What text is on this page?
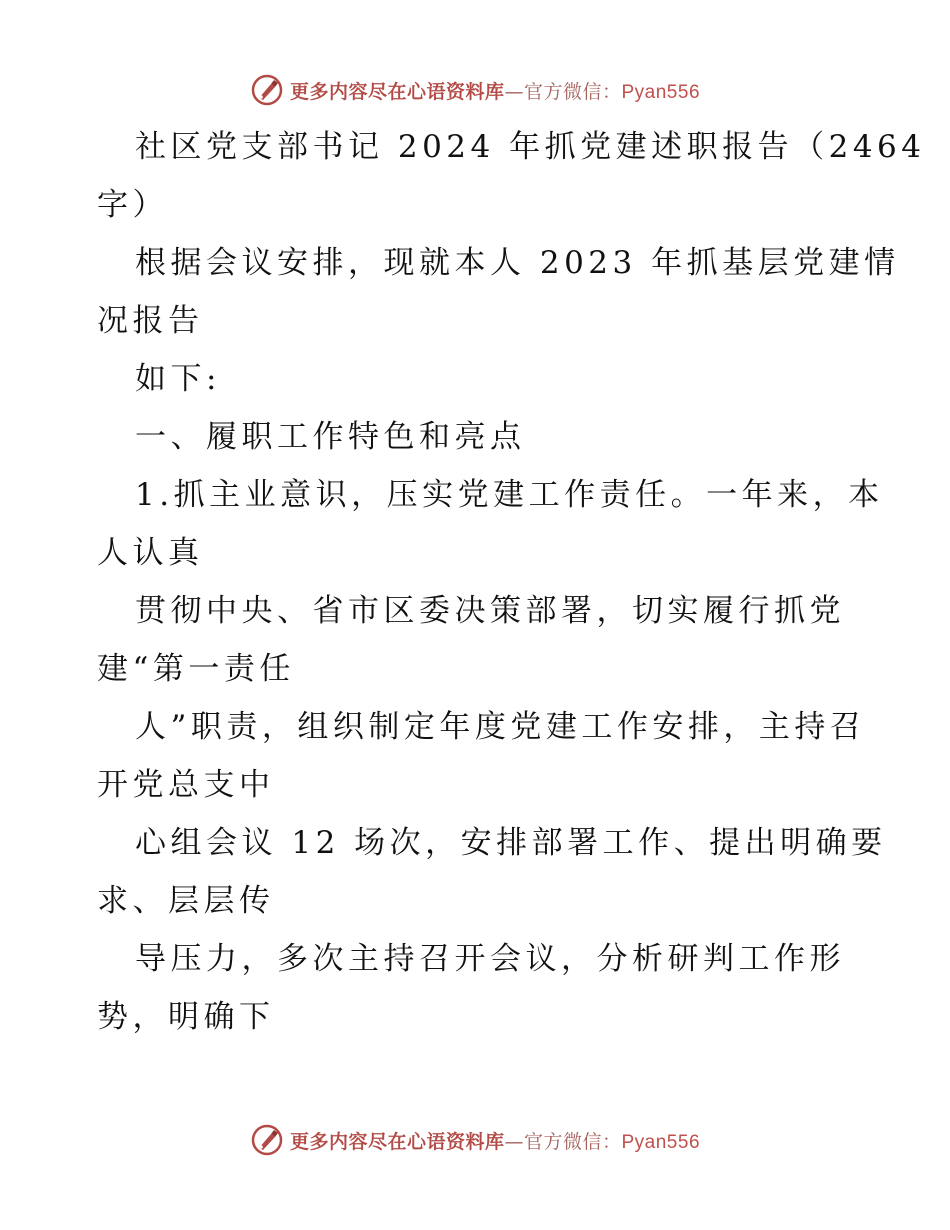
更多内容尽在心语资料库—官方微信：Pyan556
社区党支部书记 2024 年抓党建述职报告（2464
字）
根据会议安排，现就本人 2023 年抓基层党建情
况报告
如下:
一、履职工作特色和亮点
1.抓主业意识，压实党建工作责任。一年来，本
人认真
贯彻中央、省市区委决策部署，切实履行抓党
建“第一责任
人”职责，组织制定年度党建工作安排，主持召
开党总支中
心组会议 12 场次，安排部署工作、提出明确要
求、层层传
导压力，多次主持召开会议，分析研判工作形
势，明确下
更多内容尽在心语资料库—官方微信：Pyan556
